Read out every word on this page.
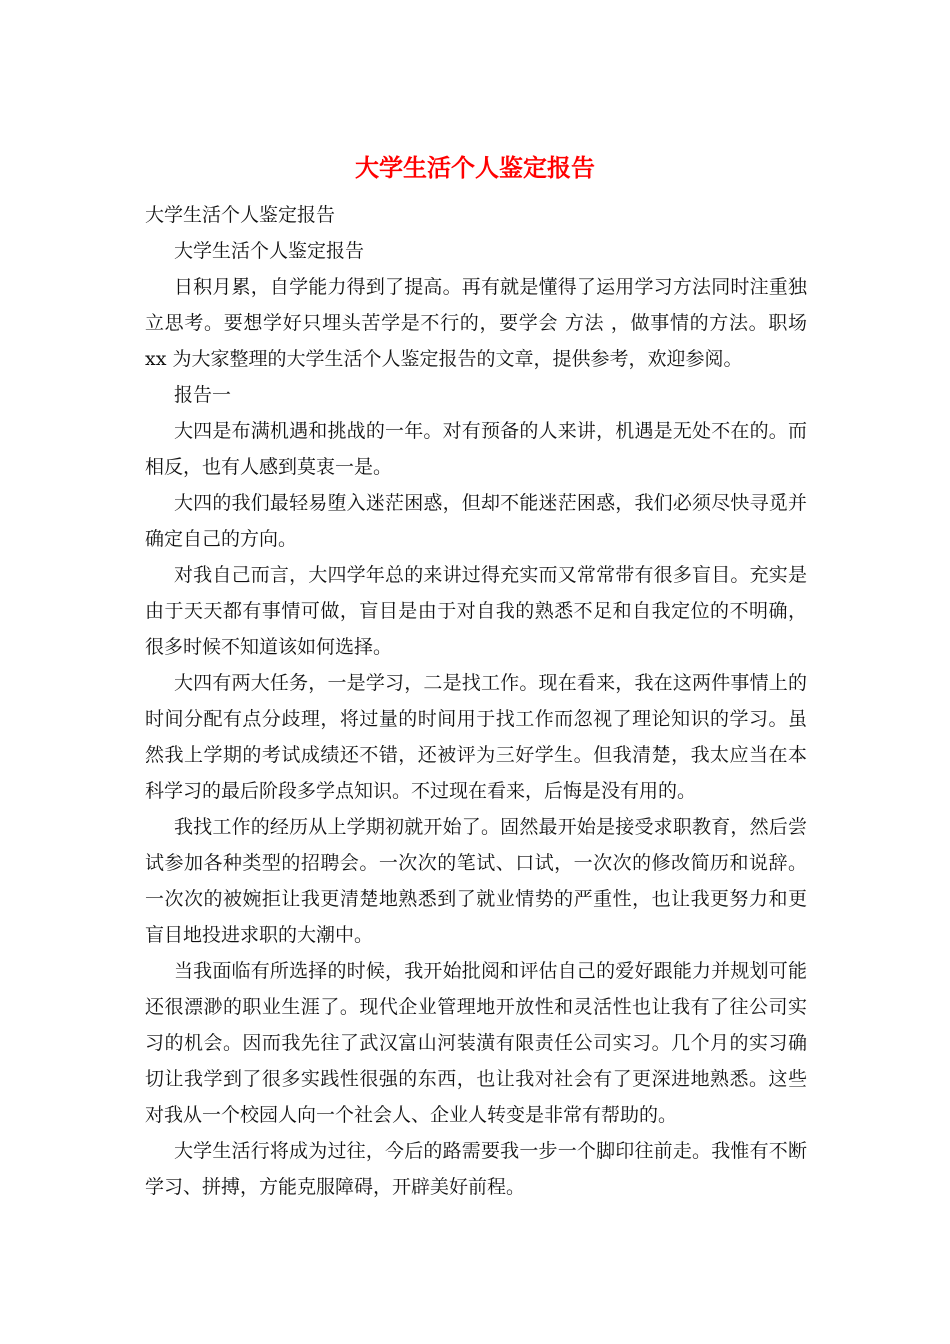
大学生活个人鉴定报告

大学生活个人鉴定报告

大学生活个人鉴定报告

日积月累，自学能力得到了提高。再有就是懂得了运用学习方法同时注重独

立思考。要想学好只埋头苦学是不行的，要学会 方法 ，做事情的方法。职场

xx 为大家整理的大学生活个人鉴定报告的文章，提供参考，欢迎参阅。

报告一

大四是布满机遇和挑战的一年。对有预备的人来讲，机遇是无处不在的。而

相反，也有人感到莫衷一是。

大四的我们最轻易堕入迷茫困惑，但却不能迷茫困惑，我们必须尽快寻觅并

确定自己的方向。

对我自己而言，大四学年总的来讲过得充实而又常常带有很多盲目。充实是

由于天天都有事情可做，盲目是由于对自我的熟悉不足和自我定位的不明确，

很多时候不知道该如何选择。

大四有两大任务，一是学习，二是找工作。现在看来，我在这两件事情上的

时间分配有点分歧理，将过量的时间用于找工作而忽视了理论知识的学习。虽

然我上学期的考试成绩还不错，还被评为三好学生。但我清楚，我太应当在本

科学习的最后阶段多学点知识。不过现在看来，后悔是没有用的。

我找工作的经历从上学期初就开始了。固然最开始是接受求职教育，然后尝

试参加各种类型的招聘会。一次次的笔试、口试，一次次的修改简历和说辞。

一次次的被婉拒让我更清楚地熟悉到了就业情势的严重性，也让我更努力和更

盲目地投进求职的大潮中。

当我面临有所选择的时候，我开始批阅和评估自己的爱好跟能力并规划可能

还很漂渺的职业生涯了。现代企业管理地开放性和灵活性也让我有了往公司实

习的机会。因而我先往了武汉富山河装潢有限责任公司实习。几个月的实习确

切让我学到了很多实践性很强的东西，也让我对社会有了更深进地熟悉。这些

对我从一个校园人向一个社会人、企业人转变是非常有帮助的。

大学生活行将成为过往，今后的路需要我一步一个脚印往前走。我惟有不断

学习、拼搏，方能克服障碍，开辟美好前程。
